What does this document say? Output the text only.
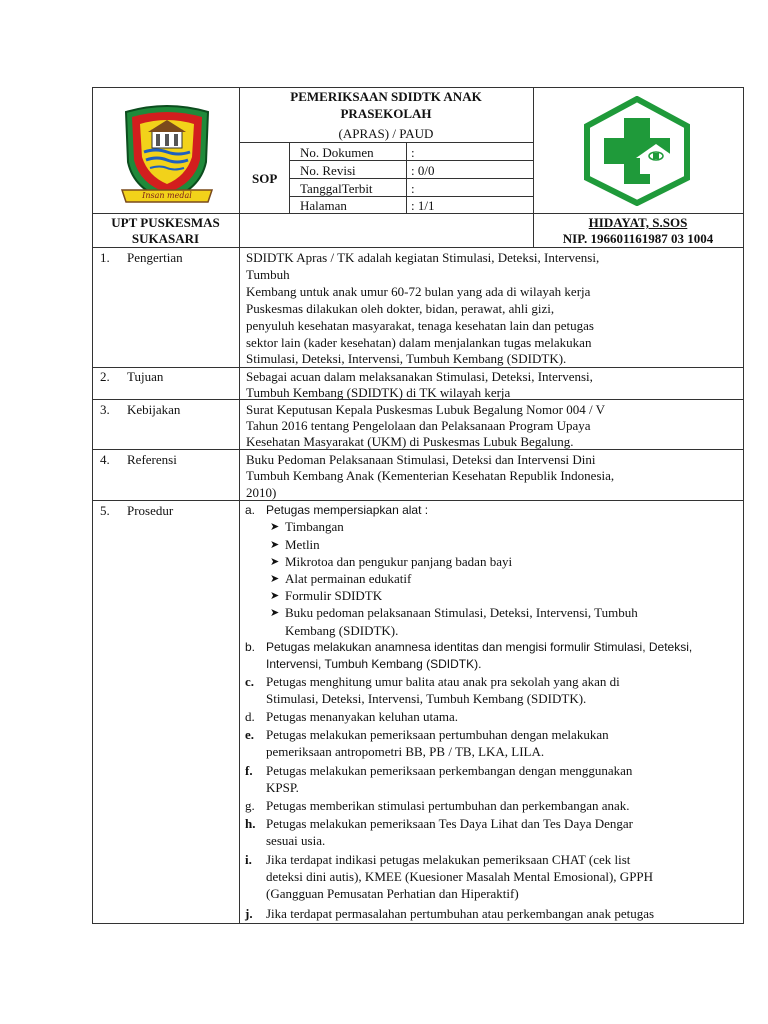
Insan medal
PEMERIKSAAN SDIDTK ANAK
PRASEKOLAH
(APRAS) / PAUD
SOP
No. Dokumen	:
No. Revisi	: 0/0
TanggalTerbit	:
Halaman	: 1/1
UPT PUSKESMAS
SUKASARI
HIDAYAT, S.SOS
NIP. 196601161987 03 1004
1. Pengertian	SDIDTK Apras / TK adalah kegiatan Stimulasi, Deteksi, Intervensi,
Tumbuh
Kembang untuk anak umur 60-72 bulan yang ada di wilayah kerja
Puskesmas dilakukan oleh dokter, bidan, perawat, ahli gizi,
penyuluh kesehatan masyarakat, tenaga kesehatan lain dan petugas
sektor lain (kader kesehatan) dalam menjalankan tugas melakukan
Stimulasi, Deteksi, Intervensi, Tumbuh Kembang (SDIDTK).
2. Tujuan	Sebagai acuan dalam melaksanakan Stimulasi, Deteksi, Intervensi,
Tumbuh Kembang (SDIDTK) di TK wilayah kerja
3. Kebijakan	Surat Keputusan Kepala Puskesmas Lubuk Begalung Nomor 004 / V
Tahun 2016 tentang Pengelolaan dan Pelaksanaan Program Upaya
Kesehatan Masyarakat (UKM) di Puskesmas Lubuk Begalung.
4. Referensi	Buku Pedoman Pelaksanaan Stimulasi, Deteksi dan Intervensi Dini
Tumbuh Kembang Anak (Kementerian Kesehatan Republik Indonesia,
2010)
5. Prosedur	a. Petugas mempersiapkan alat :
➤ Timbangan
➤ Metlin
➤ Mikrotoa dan pengukur panjang badan bayi
➤ Alat permainan edukatif
➤ Formulir SDIDTK
➤ Buku pedoman pelaksanaan Stimulasi, Deteksi, Intervensi, Tumbuh
Kembang (SDIDTK).
b. Petugas melakukan anamnesa identitas dan mengisi formulir Stimulasi, Deteksi,
Intervensi, Tumbuh Kembang (SDIDTK).
c. Petugas menghitung umur balita atau anak pra sekolah yang akan di
Stimulasi, Deteksi, Intervensi, Tumbuh Kembang (SDIDTK).
d. Petugas menanyakan keluhan utama.
e. Petugas melakukan pemeriksaan pertumbuhan dengan melakukan
pemeriksaan antropometri BB, PB / TB, LKA, LILA.
f. Petugas melakukan pemeriksaan perkembangan dengan menggunakan
KPSP.
g. Petugas memberikan stimulasi pertumbuhan dan perkembangan anak.
h. Petugas melakukan pemeriksaan Tes Daya Lihat dan Tes Daya Dengar
sesuai usia.
i. Jika terdapat indikasi petugas melakukan pemeriksaan CHAT (cek list
deteksi dini autis), KMEE (Kuesioner Masalah Mental Emosional), GPPH
(Gangguan Pemusatan Perhatian dan Hiperaktif)
j. Jika terdapat permasalahan pertumbuhan atau perkembangan anak petugas
